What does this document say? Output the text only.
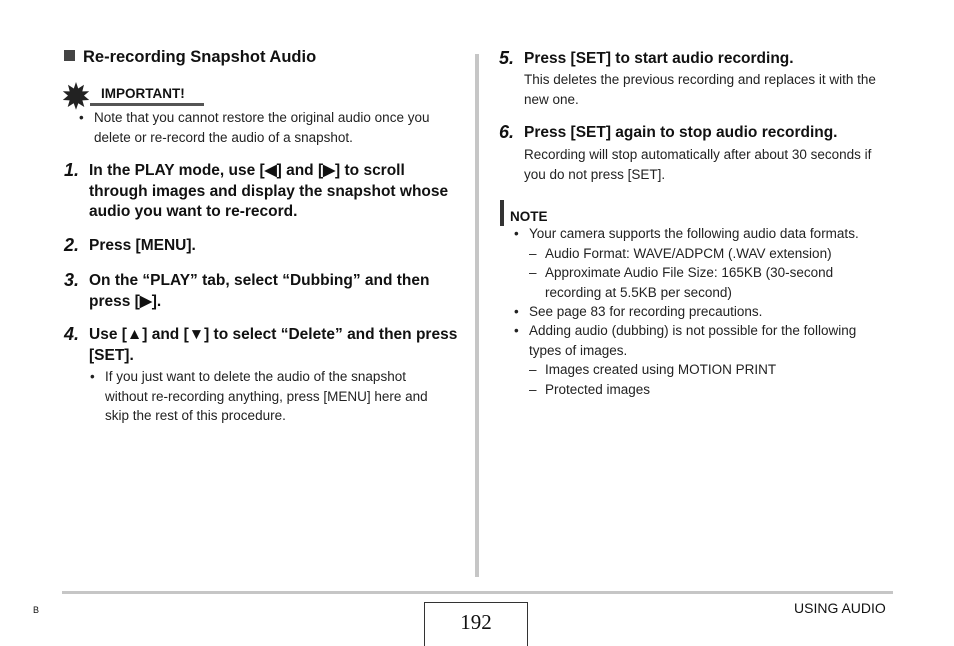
Re-recording Snapshot Audio
IMPORTANT!
• Note that you cannot restore the original audio once you delete or re-record the audio of a snapshot.
1. In the PLAY mode, use [◀] and [▶] to scroll through images and display the snapshot whose audio you want to re-record.
2. Press [MENU].
3. On the “PLAY” tab, select “Dubbing” and then press [▶].
4. Use [▲] and [▼] to select “Delete” and then press [SET].
• If you just want to delete the audio of the snapshot without re-recording anything, press [MENU] here and skip the rest of this procedure.
5. Press [SET] to start audio recording.
This deletes the previous recording and replaces it with the new one.
6. Press [SET] again to stop audio recording.
Recording will stop automatically after about 30 seconds if you do not press [SET].
NOTE
• Your camera supports the following audio data formats.
– Audio Format: WAVE/ADPCM (.WAV extension)
– Approximate Audio File Size: 165KB (30-second recording at 5.5KB per second)
• See page 83 for recording precautions.
• Adding audio (dubbing) is not possible for the following types of images.
– Images created using MOTION PRINT
– Protected images
192
USING AUDIO
B
